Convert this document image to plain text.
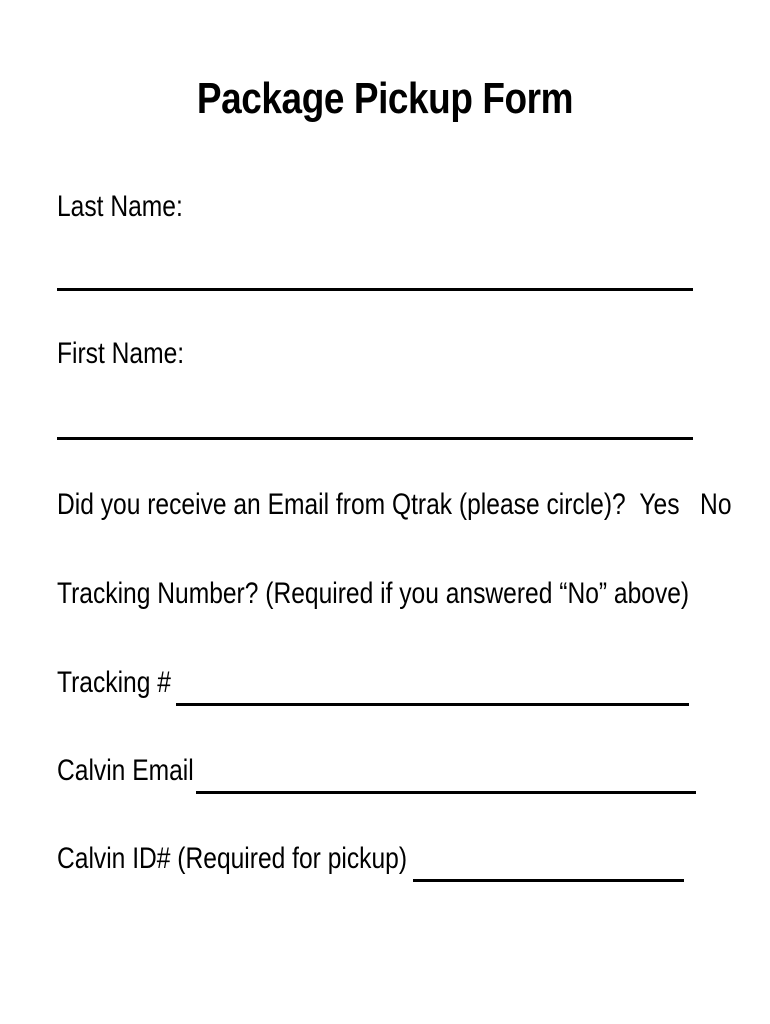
Package Pickup Form
Last Name:
First Name:
Did you receive an Email from Qtrak (please circle)? Yes No
Tracking Number? (Required if you answered “No” above)
Tracking #
Calvin Email
Calvin ID# (Required for pickup)
